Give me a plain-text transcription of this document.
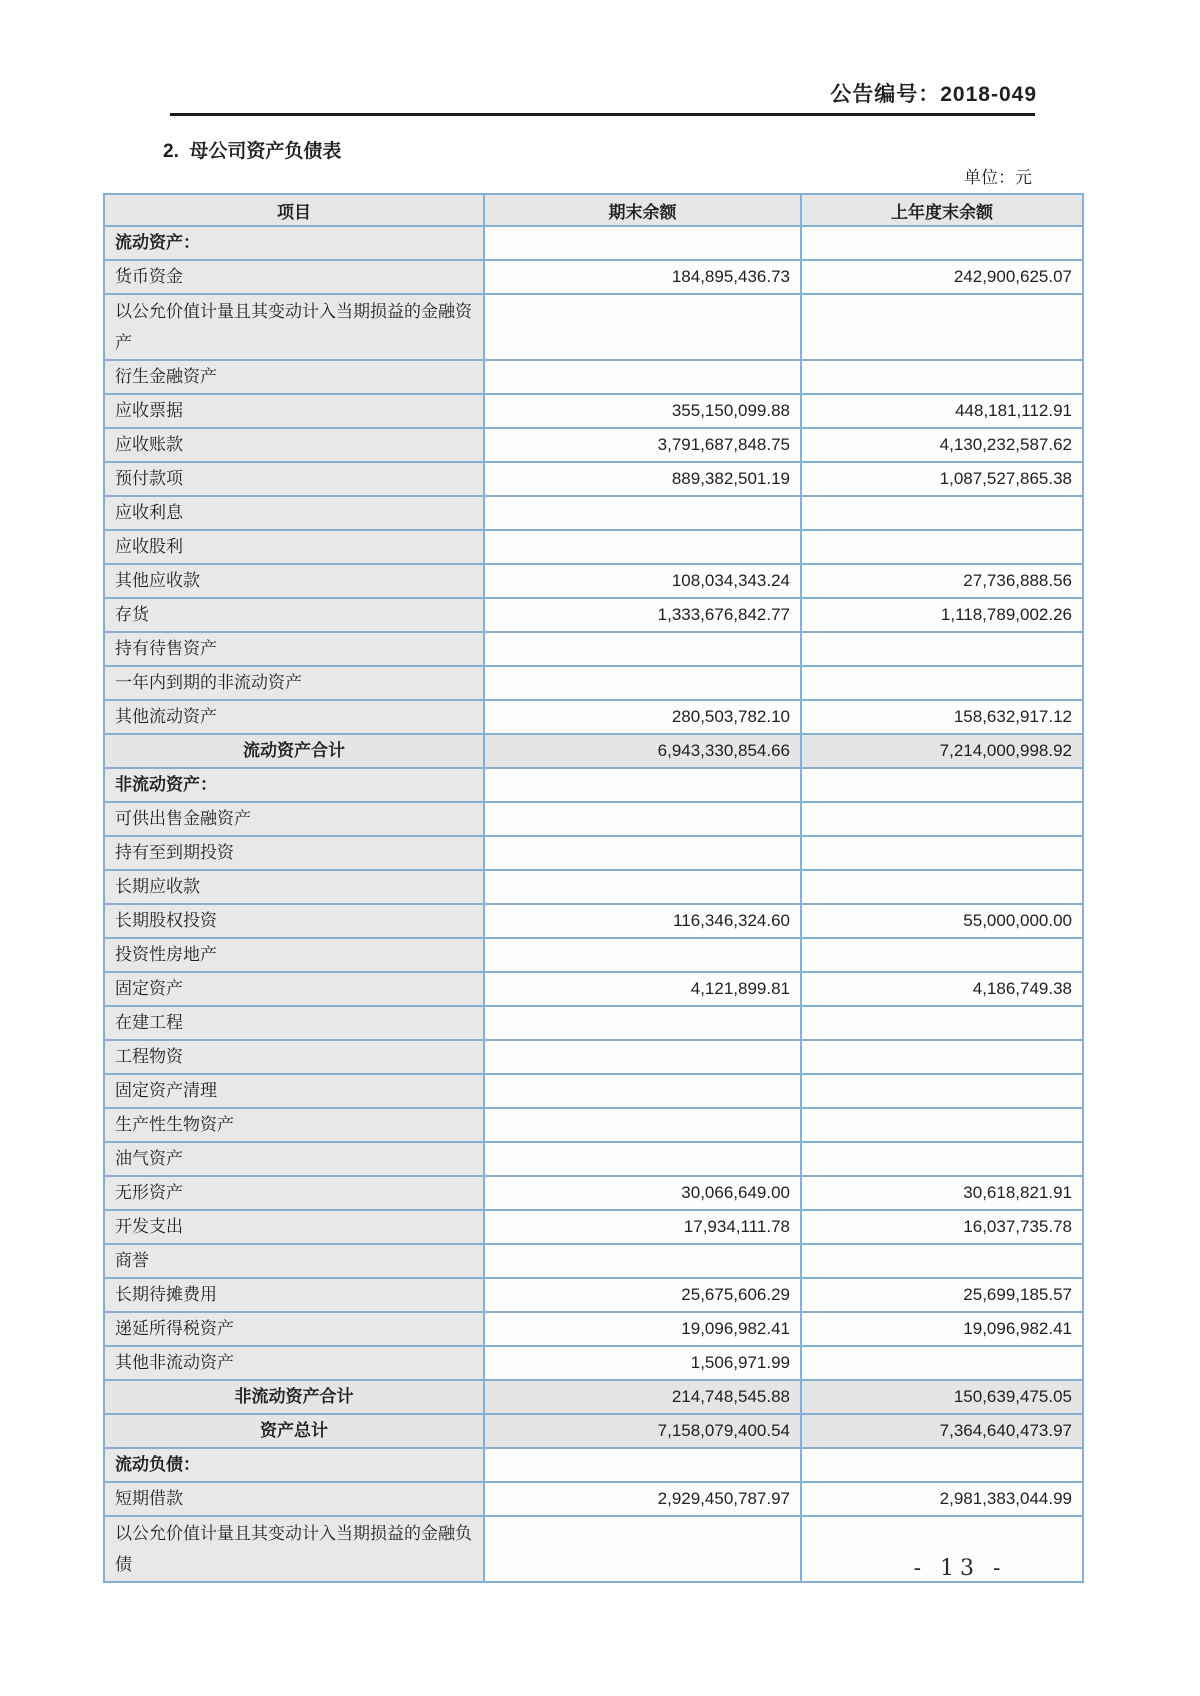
公告编号：2018-049
2.  母公司资产负债表
单位：元
项目	期末余额	上年度末余额
流动资产：		
货币资金	184,895,436.73	242,900,625.07
以公允价值计量且其变动计入当期损益的金融资产		
衍生金融资产		
应收票据	355,150,099.88	448,181,112.91
应收账款	3,791,687,848.75	4,130,232,587.62
预付款项	889,382,501.19	1,087,527,865.38
应收利息		
应收股利		
其他应收款	108,034,343.24	27,736,888.56
存货	1,333,676,842.77	1,118,789,002.26
持有待售资产		
一年内到期的非流动资产		
其他流动资产	280,503,782.10	158,632,917.12
流动资产合计	6,943,330,854.66	7,214,000,998.92
非流动资产：		
可供出售金融资产		
持有至到期投资		
长期应收款		
长期股权投资	116,346,324.60	55,000,000.00
投资性房地产		
固定资产	4,121,899.81	4,186,749.38
在建工程		
工程物资		
固定资产清理		
生产性生物资产		
油气资产		
无形资产	30,066,649.00	30,618,821.91
开发支出	17,934,111.78	16,037,735.78
商誉		
长期待摊费用	25,675,606.29	25,699,185.57
递延所得税资产	19,096,982.41	19,096,982.41
其他非流动资产	1,506,971.99	
非流动资产合计	214,748,545.88	150,639,475.05
资产总计	7,158,079,400.54	7,364,640,473.97
流动负债：		
短期借款	2,929,450,787.97	2,981,383,044.99
以公允价值计量且其变动计入当期损益的金融负债			- 13 -
